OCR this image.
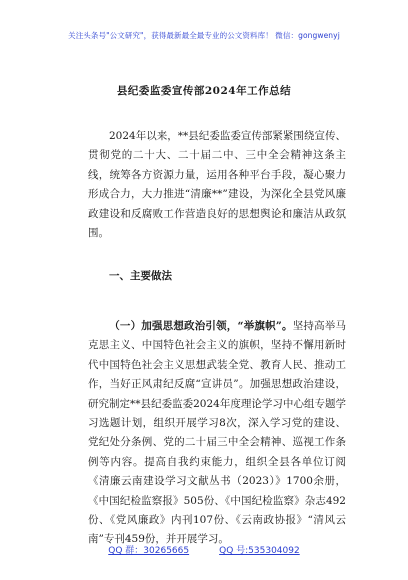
关注头条号"公文研究"，获得最新最全最专业的公文资料库！ 微信：gongwenyj
县纪委监委宣传部2024年工作总结

2024年以来，**县纪委监委宣传部紧紧围绕宣传、贯彻党的二十大、二十届二中、三中全会精神这条主线，统筹各方资源力量，运用各种平台手段，凝心聚力形成合力，大力推进“清廉**”建设，为深化全县党风廉政建设和反腐败工作营造良好的思想舆论和廉洁从政氛围。

一、主要做法

（一）加强思想政治引领，“举旗帜”。坚持高举马克思主义、中国特色社会主义的旗帜，坚持不懈用新时代中国特色社会主义思想武装全党、教育人民、推动工作，当好正风肃纪反腐“宣讲员”。加强思想政治建设，研究制定**县纪委监委2024年度理论学习中心组专题学习选题计划，组织开展学习8次，深入学习党的建设、党纪处分条例、党的二十届三中全会精神、巡视工作条例等内容。提高自我约束能力，组织全县各单位订阅《清廉云南建设学习文献丛书（2023）》1700余册，《中国纪检监察报》505份、《中国纪检监察》杂志492份、《党风廉政》内刊107份、《云南政协报》“清风云南”专刊459份，并开展学习。

QQ 群：30265665	QQ 号:535304092
